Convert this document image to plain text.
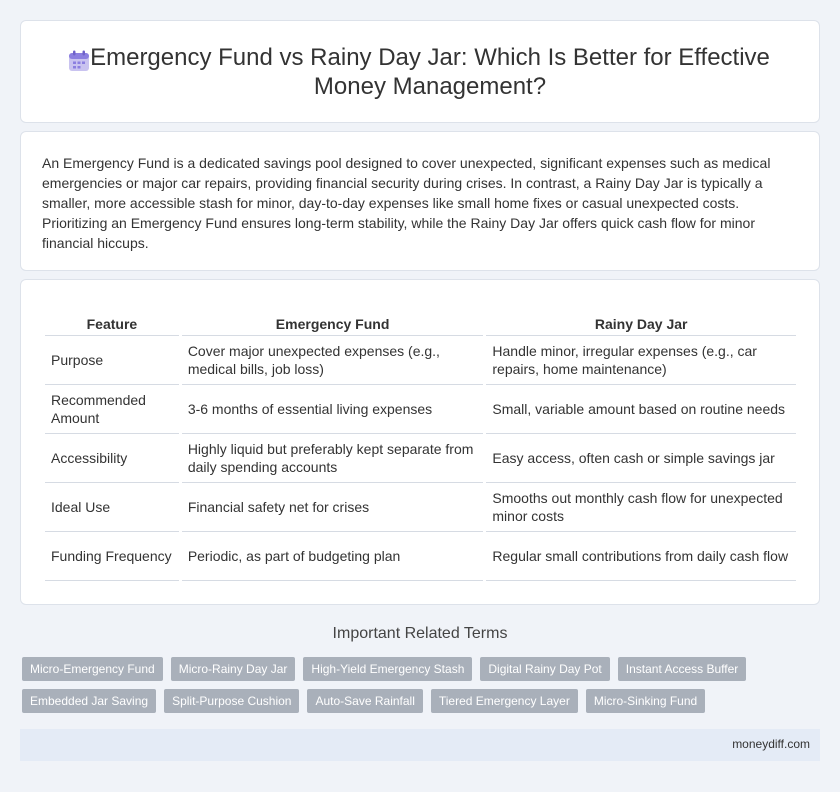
Emergency Fund vs Rainy Day Jar: Which Is Better for Effective Money Management?

An Emergency Fund is a dedicated savings pool designed to cover unexpected, significant expenses such as medical emergencies or major car repairs, providing financial security during crises. In contrast, a Rainy Day Jar is typically a smaller, more accessible stash for minor, day-to-day expenses like small home fixes or casual unexpected costs. Prioritizing an Emergency Fund ensures long-term stability, while the Rainy Day Jar offers quick cash flow for minor financial hiccups.

Feature	Emergency Fund	Rainy Day Jar
Purpose	Cover major unexpected expenses (e.g., medical bills, job loss)	Handle minor, irregular expenses (e.g., car repairs, home maintenance)
Recommended Amount	3-6 months of essential living expenses	Small, variable amount based on routine needs
Accessibility	Highly liquid but preferably kept separate from daily spending accounts	Easy access, often cash or simple savings jar
Ideal Use	Financial safety net for crises	Smooths out monthly cash flow for unexpected minor costs
Funding Frequency	Periodic, as part of budgeting plan	Regular small contributions from daily cash flow
Important Related Terms
Micro-Emergency Fund	Micro-Rainy Day Jar	High-Yield Emergency Stash	Digital Rainy Day Pot	Instant Access Buffer
Embedded Jar Saving	Split-Purpose Cushion	Auto-Save Rainfall	Tiered Emergency Layer	Micro-Sinking Fund
moneydiff.com
